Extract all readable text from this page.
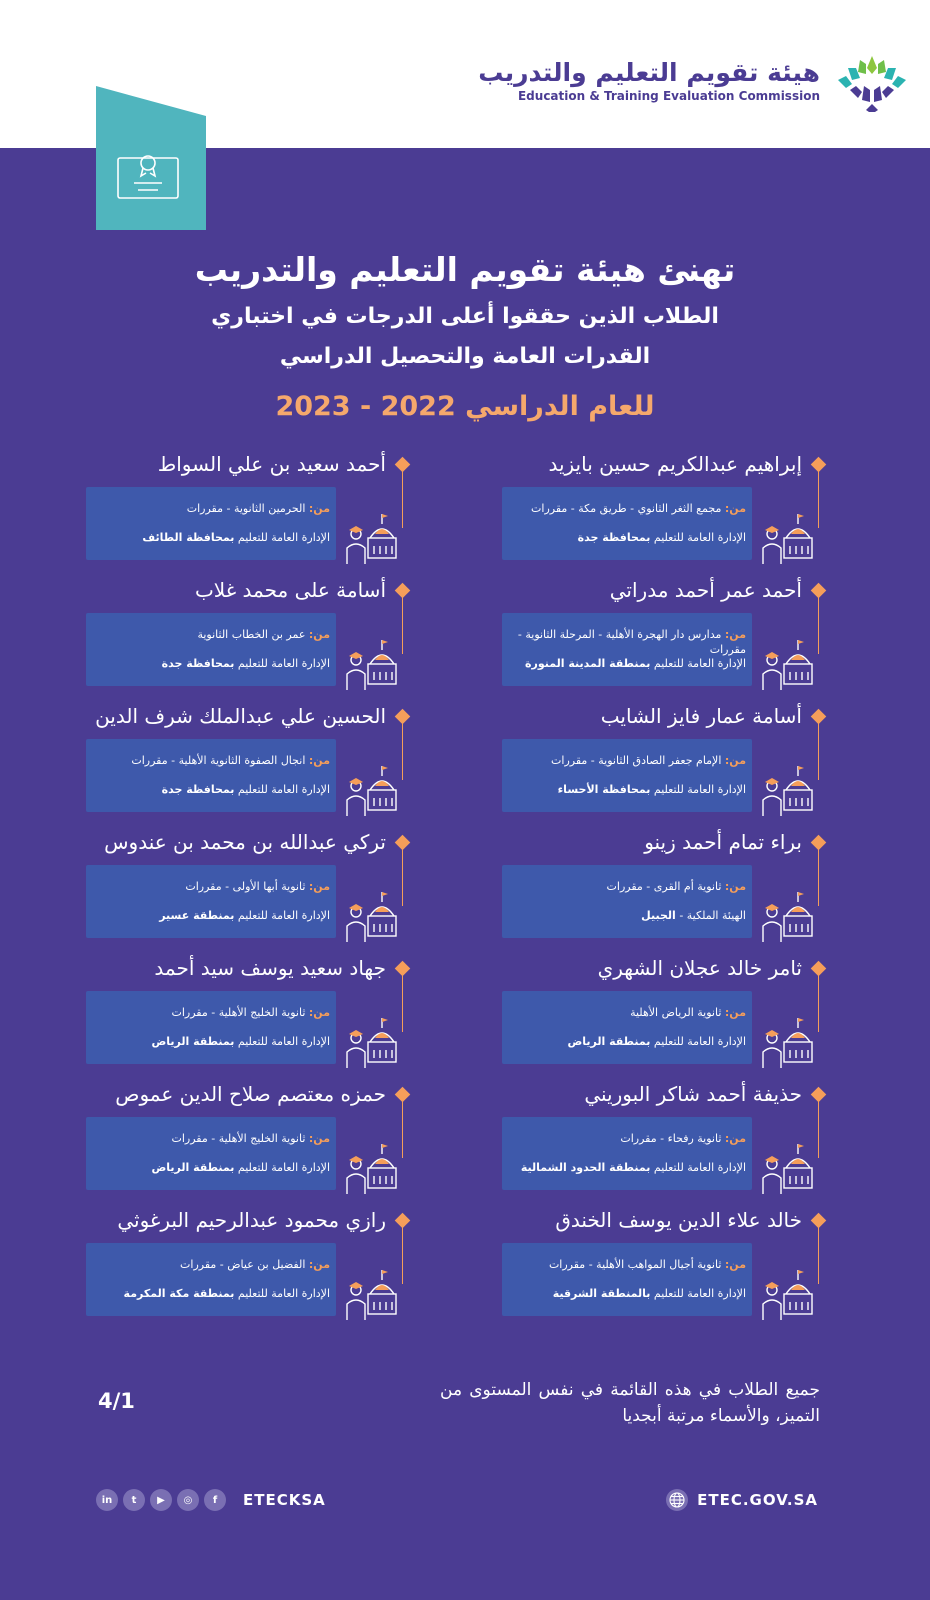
هيئة تقويم التعليم والتدريب
Education & Training Evaluation Commission
تهنئ هيئة تقويم التعليم والتدريب
الطلاب الذين حققوا أعلى الدرجات في اختباري
القدرات العامة والتحصيل الدراسي
للعام الدراسي 2022 - 2023
إبراهيم عبدالكريم حسين بايزيد
من: مجمع الثغر الثانوي - طريق مكة - مقررات
الإدارة العامة للتعليم بمحافظة جدة
أحمد عمر أحمد مدراتي
من: مدارس دار الهجرة الأهلية - المرحلة الثانوية - مقررات
الإدارة العامة للتعليم بمنطقة المدينة المنورة
أسامة عمار فايز الشايب
من: الإمام جعفر الصادق الثانوية - مقررات
الإدارة العامة للتعليم بمحافظة الأحساء
براء تمام أحمد زينو
من: ثانوية أم القرى - مقررات
الهيئة الملكية - الجبيل
ثامر خالد عجلان الشهري
من: ثانوية الرياض الأهلية
الإدارة العامة للتعليم بمنطقة الرياض
حذيفة أحمد شاكر البوريني
من: ثانوية رفحاء - مقررات
الإدارة العامة للتعليم بمنطقة الحدود الشمالية
خالد علاء الدين يوسف الخندق
من: ثانوية أجيال المواهب الأهلية - مقررات
الإدارة العامة للتعليم بالمنطقة الشرقية
أحمد سعيد بن علي السواط
من: الحرمين الثانوية - مقررات
الإدارة العامة للتعليم بمحافظة الطائف
أسامة على محمد غلاب
من: عمر بن الخطاب الثانوية
الإدارة العامة للتعليم بمحافظة جدة
الحسين علي عبدالملك شرف الدين
من: انجال الصفوة الثانوية الأهلية - مقررات
الإدارة العامة للتعليم بمحافظة جدة
تركي عبدالله بن محمد بن عندوس
من: ثانوية أبها الأولى - مقررات
الإدارة العامة للتعليم بمنطقة عسير
جهاد سعيد يوسف سيد أحمد
من: ثانوية الخليج الأهلية - مقررات
الإدارة العامة للتعليم بمنطقة الرياض
حمزه معتصم صلاح الدين عموص
من: ثانوية الخليج الأهلية - مقررات
الإدارة العامة للتعليم بمنطقة الرياض
رازي محمود عبدالرحيم البرغوثي
من: الفضيل بن عياض - مقررات
الإدارة العامة للتعليم بمنطقة مكة المكرمة
جميع الطلاب في هذه القائمة في نفس المستوى من التميز، والأسماء مرتبة أبجديا
4/1
in	t	▶	◎	f	ETECKSA	ETEC.GOV.SA
